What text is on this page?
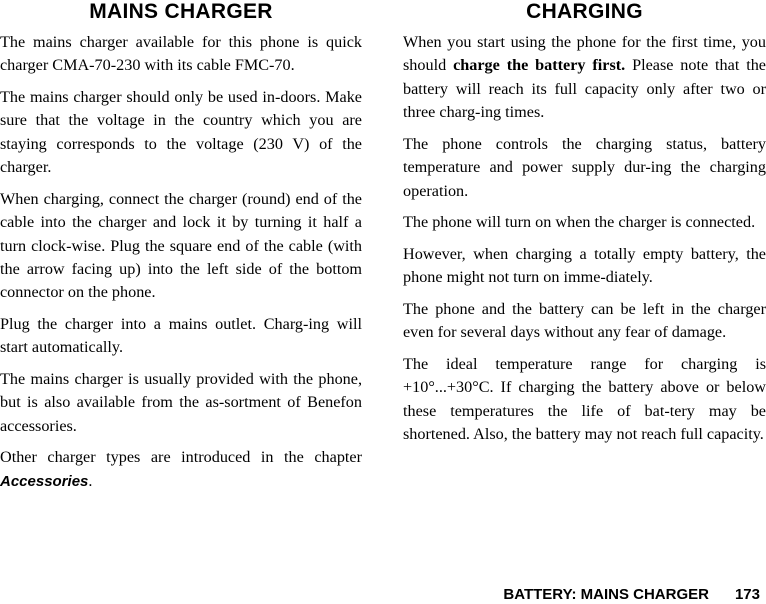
MAINS CHARGER

The mains charger available for this phone is quick charger CMA-70-230 with its cable FMC-70.

The mains charger should only be used in-doors. Make sure that the voltage in the country which you are staying corresponds to the voltage (230 V) of the charger.

When charging, connect the charger (round) end of the cable into the charger and lock it by turning it half a turn clock-wise. Plug the square end of the cable (with the arrow facing up) into the left side of the bottom connector on the phone.

Plug the charger into a mains outlet. Charg-ing will start automatically.

The mains charger is usually provided with the phone, but is also available from the as-sortment of Benefon accessories.

Other charger types are introduced in the chapter Accessories.

CHARGING

When you start using the phone for the first time, you should charge the battery first. Please note that the battery will reach its full capacity only after two or three charg-ing times.

The phone controls the charging status, battery temperature and power supply dur-ing the charging operation.

The phone will turn on when the charger is connected.

However, when charging a totally empty battery, the phone might not turn on imme-diately.

The phone and the battery can be left in the charger even for several days without any fear of damage.

The ideal temperature range for charging is +10°...+30°C. If charging the battery above or below these temperatures the life of bat-tery may be shortened. Also, the battery may not reach full capacity.

BATTERY: MAINS CHARGER 173
